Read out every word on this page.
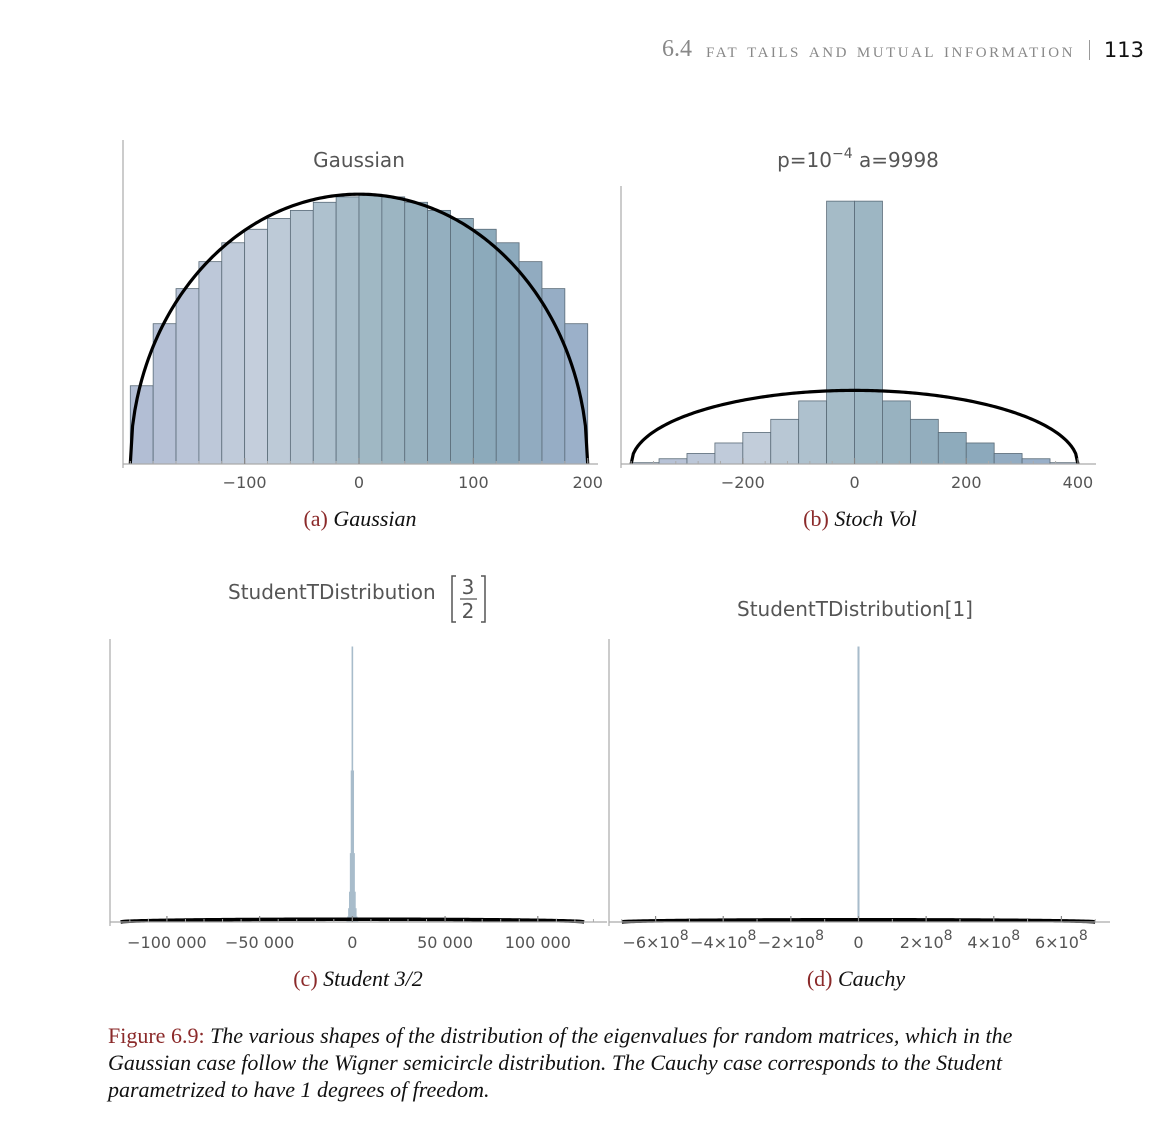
6.4 fat tails and mutual information 113
Gaussian
−100	0	100	200
(a) Gaussian
$p=10^{-4}$ a=9998
−200	0	200	400
(b) Stoch Vol
StudentTDistribution 3
2
−100 000 −50 000	0	50 000 100 000
(c) Student 3/2
StudentTDistribution[1]
−6×108 −4×108 −2×108 0 2×108 4×108 6×108
(d) Cauchy
Figure 6.9: The various shapes of the distribution of the eigenvalues for random matrices, which in the Gaussian case follow the Wigner semicircle distribution. The Cauchy case corresponds to the Student parametrized to have 1 degrees of freedom.
